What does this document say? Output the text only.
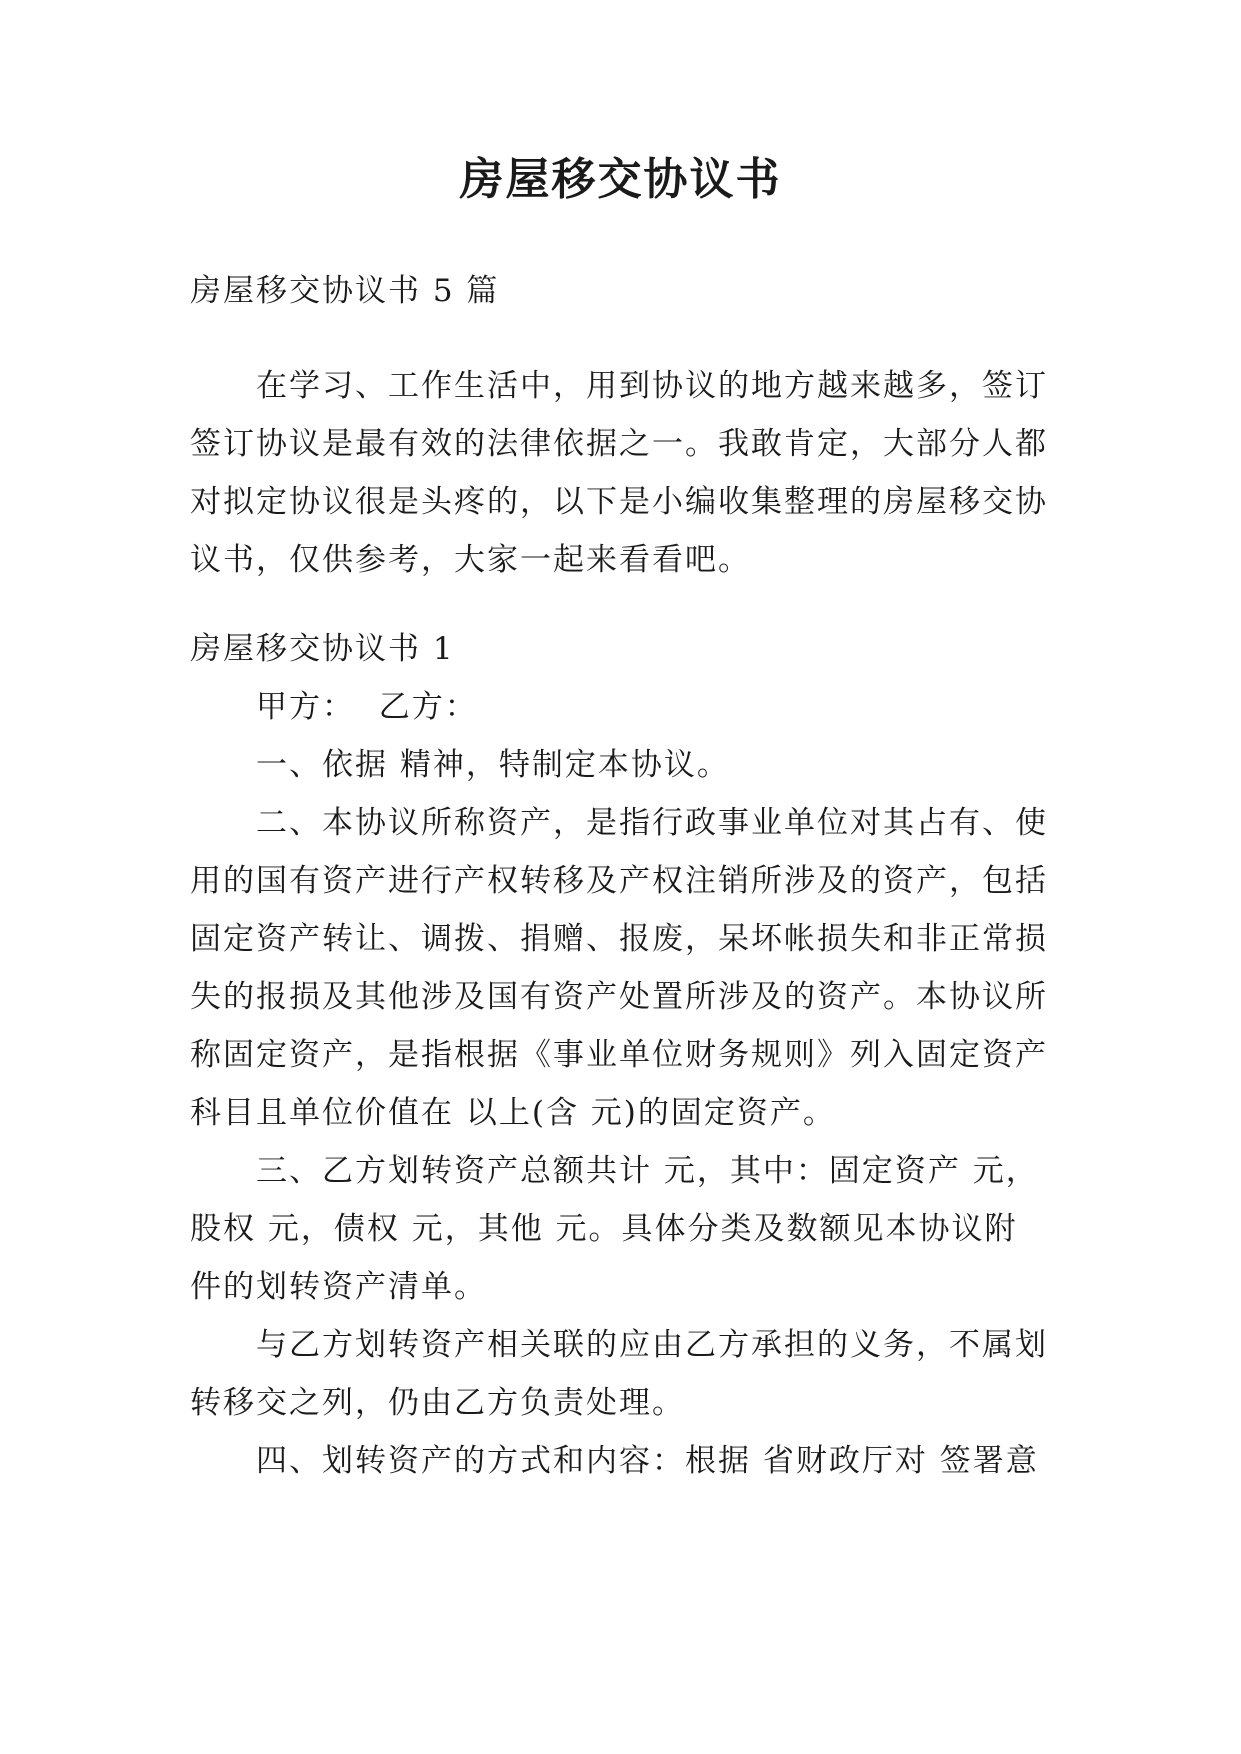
房屋移交协议书

房屋移交协议书 5 篇

在学习、工作生活中，用到协议的地方越来越多，签订
签订协议是最有效的法律依据之一。我敢肯定，大部分人都
对拟定协议很是头疼的，以下是小编收集整理的房屋移交协
议书，仅供参考，大家一起来看看吧。

房屋移交协议书 1

甲方：  乙方：
一、依据 精神，特制定本协议。
二、本协议所称资产，是指行政事业单位对其占有、使
用的国有资产进行产权转移及产权注销所涉及的资产，包括
固定资产转让、调拨、捐赠、报废，呆坏帐损失和非正常损
失的报损及其他涉及国有资产处置所涉及的资产。本协议所
称固定资产，是指根据《事业单位财务规则》列入固定资产
科目且单位价值在 以上(含 元)的固定资产。
三、乙方划转资产总额共计 元，其中：固定资产 元，
股权 元，债权 元，其他 元。具体分类及数额见本协议附
件的划转资产清单。
与乙方划转资产相关联的应由乙方承担的义务，不属划
转移交之列，仍由乙方负责处理。
四、划转资产的方式和内容：根据 省财政厅对 签署意
